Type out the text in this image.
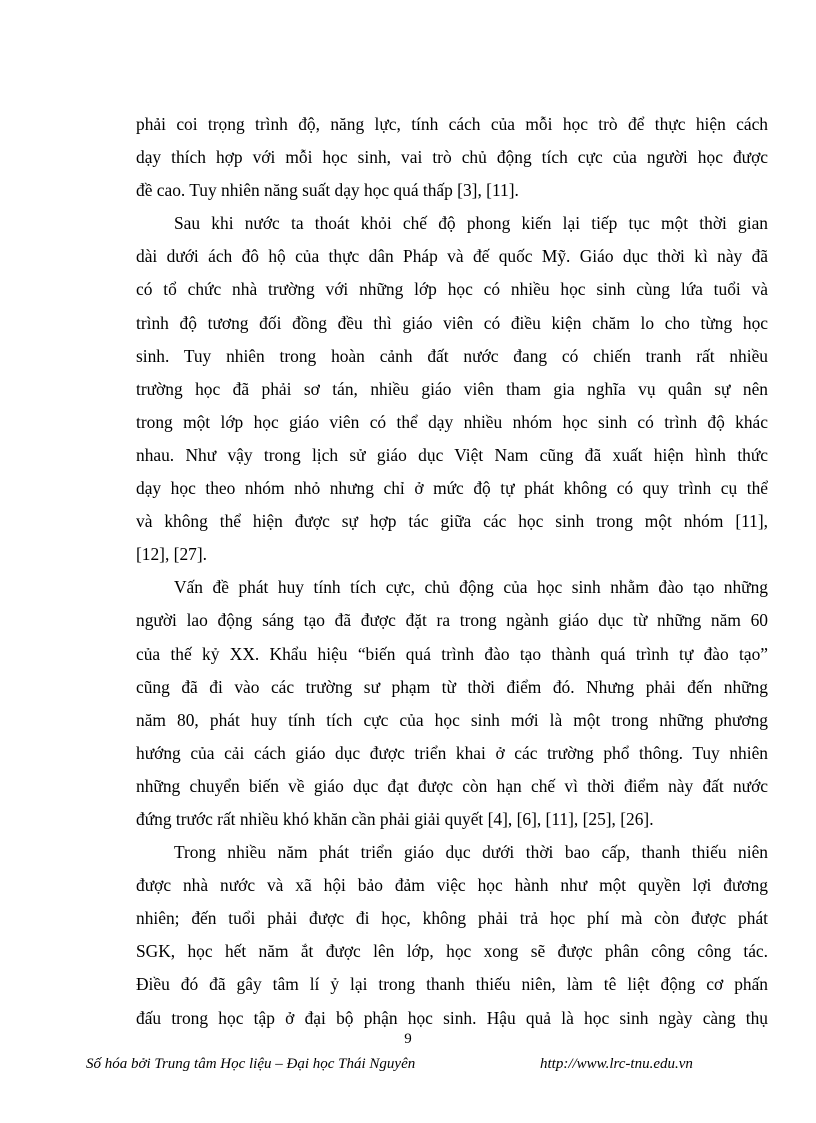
phải coi trọng trình độ, năng lực, tính cách của mỗi học trò để thực hiện cách
dạy thích hợp với mỗi học sinh, vai trò chủ động tích cực của người học được
đề cao. Tuy nhiên năng suất dạy học quá thấp [3], [11].
Sau khi nước ta thoát khỏi chế độ phong kiến lại tiếp tục một thời gian
dài dưới ách đô hộ của thực dân Pháp và đế quốc Mỹ. Giáo dục thời kì này đã
có tổ chức nhà trường với những lớp học có nhiều học sinh cùng lứa tuổi và
trình độ tương đối đồng đều thì giáo viên có điều kiện chăm lo cho từng học
sinh. Tuy nhiên trong hoàn cảnh đất nước đang có chiến tranh rất nhiều
trường học đã phải sơ tán, nhiều giáo viên tham gia nghĩa vụ quân sự nên
trong một lớp học giáo viên có thể dạy nhiều nhóm học sinh có trình độ khác
nhau. Như vậy trong lịch sử giáo dục Việt Nam cũng đã xuất hiện hình thức
dạy học theo nhóm nhỏ nhưng chỉ ở mức độ tự phát không có quy trình cụ thể
và không thể hiện được sự hợp tác giữa các học sinh trong một nhóm [11],
[12], [27].
Vấn đề phát huy tính tích cực, chủ động của học sinh nhằm đào tạo những
người lao động sáng tạo đã được đặt ra trong ngành giáo dục từ những năm 60
của thế kỷ XX. Khẩu hiệu “biến quá trình đào tạo thành quá trình tự đào tạo”
cũng đã đi vào các trường sư phạm từ thời điểm đó. Nhưng phải đến những
năm 80, phát huy tính tích cực của học sinh mới là một trong những phương
hướng của cải cách giáo dục được triển khai ở các trường phổ thông. Tuy nhiên
những chuyển biến về giáo dục đạt được còn hạn chế vì thời điểm này đất nước
đứng trước rất nhiều khó khăn cần phải giải quyết [4], [6], [11], [25], [26].
Trong nhiều năm phát triển giáo dục dưới thời bao cấp, thanh thiếu niên
được nhà nước và xã hội bảo đảm việc học hành như một quyền lợi đương
nhiên; đến tuổi phải được đi học, không phải trả học phí mà còn được phát
SGK, học hết năm ắt được lên lớp, học xong sẽ được phân công công tác.
Điều đó đã gây tâm lí ỷ lại trong thanh thiếu niên, làm tê liệt động cơ phấn
đấu trong học tập ở đại bộ phận học sinh. Hậu quả là học sinh ngày càng thụ
9
Số hóa bởi Trung tâm Học liệu – Đại học Thái Nguyên	http://www.lrc-tnu.edu.vn
